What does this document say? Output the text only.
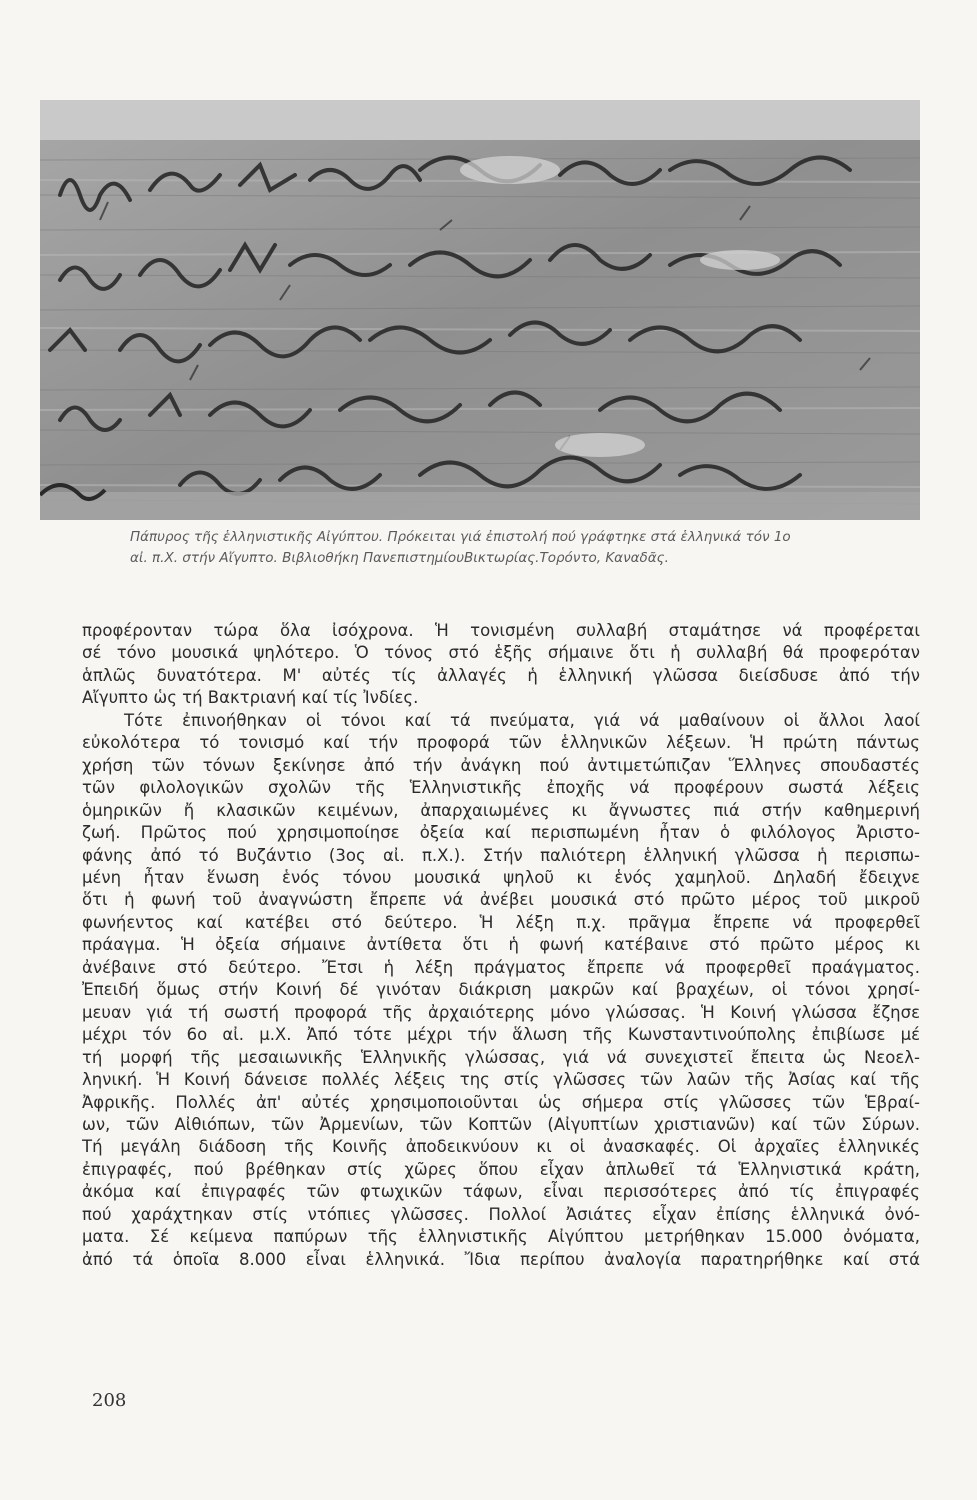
Πάπυρος τῆς ἑλληνιστικῆς Αἰγύπτου. Πρόκειται γιά ἐπιστολή πού γράφτηκε στά ἑλληνικά τόν 1ο
αἰ. π.Χ. στήν Αἴγυπτο. Βιβλιοθήκη ΠανεπιστημίουΒικτωρίας.Τορόντο, Καναδᾶς.
προφέρονταν τώρα ὅλα ἰσόχρονα. Ἡ τονισμένη συλλαβή σταμάτησε νά προφέρεται
σέ τόνο μουσικά ψηλότερο. Ὁ τόνος στό ἑξῆς σήμαινε ὅτι ἡ συλλαβή θά προφερόταν
ἁπλῶς δυνατότερα. Μ' αὐτές τίς ἀλλαγές ἡ ἑλληνική γλῶσσα διείσδυσε ἀπό τήν
Αἴγυπτο ὡς τή Βακτριανή καί τίς Ἰνδίες.
Τότε ἐπινοήθηκαν οἱ τόνοι καί τά πνεύματα, γιά νά μαθαίνουν οἱ ἄλλοι λαοί
εὐκολότερα τό τονισμό καί τήν προφορά τῶν ἑλληνικῶν λέξεων. Ἡ πρώτη πάντως
χρήση τῶν τόνων ξεκίνησε ἀπό τήν ἀνάγκη πού ἀντιμετώπιζαν Ἕλληνες σπουδαστές
τῶν φιλολογικῶν σχολῶν τῆς Ἑλληνιστικῆς ἐποχῆς νά προφέρουν σωστά λέξεις
ὁμηρικῶν ἤ κλασικῶν κειμένων, ἀπαρχαιωμένες κι ἄγνωστες πιά στήν καθημερινή
ζωή. Πρῶτος πού χρησιμοποίησε ὀξεία καί περισπωμένη ἦταν ὁ φιλόλογος Ἀριστο-
φάνης ἀπό τό Βυζάντιο (3ος αἰ. π.Χ.). Στήν παλιότερη ἑλληνική γλῶσσα ἡ περισπω-
μένη ἦταν ἕνωση ἑνός τόνου μουσικά ψηλοῦ κι ἑνός χαμηλοῦ. Δηλαδή ἔδειχνε
ὅτι ἡ φωνή τοῦ ἀναγνώστη ἔπρεπε νά ἀνέβει μουσικά στό πρῶτο μέρος τοῦ μικροῦ
φωνήεντος καί κατέβει στό δεύτερο. Ἡ λέξη π.χ. πρᾶγμα ἔπρεπε νά προφερθεῖ
πράαγμα. Ἡ ὀξεία σήμαινε ἀντίθετα ὅτι ἡ φωνή κατέβαινε στό πρῶτο μέρος κι
ἀνέβαινε στό δεύτερο. Ἔτσι ἡ λέξη πράγματος ἔπρεπε νά προφερθεῖ πραάγματος.
Ἐπειδή ὅμως στήν Κοινή δέ γινόταν διάκριση μακρῶν καί βραχέων, οἱ τόνοι χρησί-
μευαν γιά τή σωστή προφορά τῆς ἀρχαιότερης μόνο γλώσσας. Ἡ Κοινή γλώσσα ἔζησε
μέχρι τόν 6ο αἰ. μ.Χ. Ἀπό τότε μέχρι τήν ἅλωση τῆς Κωνσταντινούπολης ἐπιβίωσε μέ
τή μορφή τῆς μεσαιωνικῆς Ἑλληνικῆς γλώσσας, γιά νά συνεχιστεῖ ἔπειτα ὡς Νεοελ-
ληνική. Ἡ Κοινή δάνεισε πολλές λέξεις της στίς γλῶσσες τῶν λαῶν τῆς Ἀσίας καί τῆς
Ἀφρικῆς. Πολλές ἀπ' αὐτές χρησιμοποιοῦνται ὡς σήμερα στίς γλῶσσες τῶν Ἑβραί-
ων, τῶν Αἰθιόπων, τῶν Ἀρμενίων, τῶν Κοπτῶν (Αἰγυπτίων χριστιανῶν) καί τῶν Σύρων.
Τή μεγάλη διάδοση τῆς Κοινῆς ἀποδεικνύουν κι οἱ ἀνασκαφές. Οἱ ἀρχαῖες ἑλληνικές
ἐπιγραφές, πού βρέθηκαν στίς χῶρες ὅπου εἶχαν ἁπλωθεῖ τά Ἑλληνιστικά κράτη,
ἀκόμα καί ἐπιγραφές τῶν φτωχικῶν τάφων, εἶναι περισσότερες ἀπό τίς ἐπιγραφές
πού χαράχτηκαν στίς ντόπιες γλῶσσες. Πολλοί Ἀσιάτες εἶχαν ἐπίσης ἑλληνικά ὀνό-
ματα. Σέ κείμενα παπύρων τῆς ἑλληνιστικῆς Αἰγύπτου μετρήθηκαν 15.000 ὀνόματα,
ἀπό τά ὁποῖα 8.000 εἶναι ἑλληνικά. Ἴδια περίπου ἀναλογία παρατηρήθηκε καί στά

208
